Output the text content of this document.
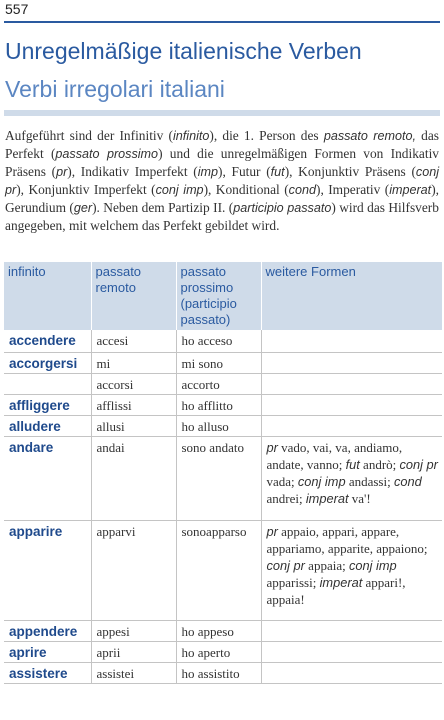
557
Unregelmäßige italienische Verben
Verbi irregolari italiani
Aufgeführt sind der Infinitiv (infinito), die 1. Person des passato remoto, das Perfekt (passato prossimo) und die unregelmäßigen Formen von Indikativ Präsens (pr), Indikativ Imperfekt (imp), Futur (fut), Konjunktiv Präsens (conj pr), Konjunktiv Imperfekt (conj imp), Konditional (cond), Imperativ (imperat), Gerundium (ger). Neben dem Partizip II. (participio passato) wird das Hilfsverb angegeben, mit welchem das Perfekt gebildet wird.
infinito	passato remoto	passato prossimo (participio passato)	weitere Formen
accendere	accesi	ho acceso	
accorgersi	mi	mi sono	
	accorsi	accorto	
affliggere	afflissi	ho afflitto	
alludere	allusi	ho alluso	
andare	andai	sono andato	pr vado, vai, va, andiamo, andate, vanno; fut andrò; conj pr vada; conj imp andassi; cond andrei; imperat va'!
apparire	apparvi	sonoapparso	pr appaio, appari, appare, appariamo, apparite, appaiono; conj pr appaia; conj imp apparissi; imperat appari!, appaia!
appendere	appesi	ho appeso	
aprire	aprii	ho aperto	
assistere	assistei	ho assistito	
